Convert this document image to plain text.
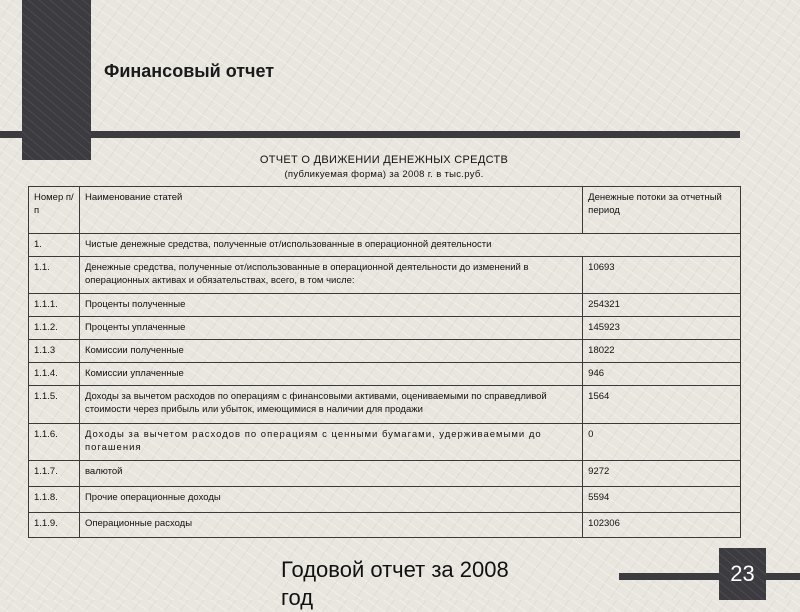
Финансовый отчет
ОТЧЕТ О ДВИЖЕНИИ ДЕНЕЖНЫХ СРЕДСТВ
(публикуемая форма) за 2008 г. в тыс.руб.
Номер п/п	Наименование статей	Денежные потоки за отчетный период
1.	Чистые денежные средства, полученные от/использованные в операционной деятельности	
1.1.	Денежные средства, полученные от/использованные в операционной деятельности до изменений в операционных активах и обязательствах, всего, в том числе:	10693
1.1.1.	Проценты полученные	254321
1.1.2.	Проценты уплаченные	145923
1.1.3	Комиссии полученные	18022
1.1.4.	Комиссии уплаченные	946
1.1.5.	Доходы за вычетом расходов по операциям с финансовыми активами, оцениваемыми по справедливой стоимости через прибыль или убыток, имеющимися в наличии для продажи	1564
1.1.6.	Доходы за вычетом расходов по операциям с ценными бумагами, удерживаемыми до погашения	0
1.1.7.	валютой	9272
1.1.8.	Прочие операционные доходы	5594
1.1.9.	Операционные расходы	102306
Годовой отчет за 2008 год
23
